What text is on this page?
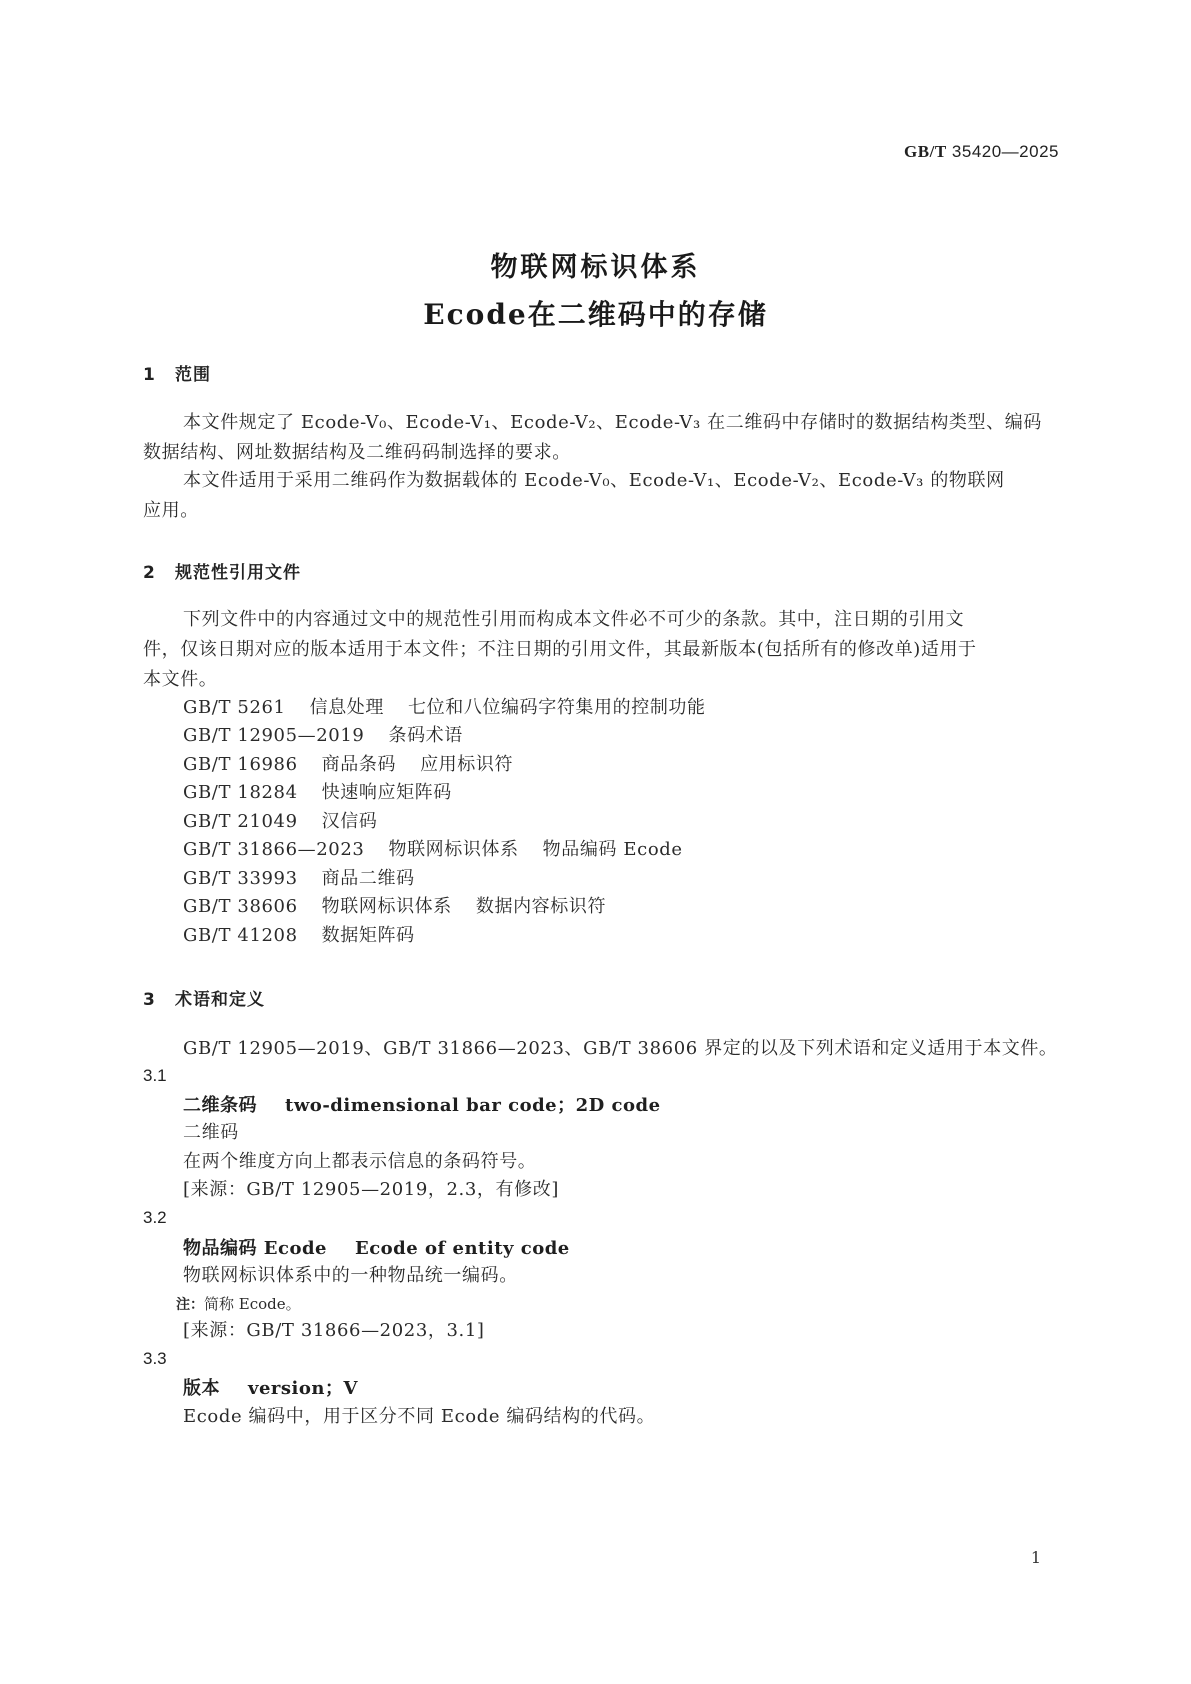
GB/T 35420—2025
物联网标识体系
Ecode在二维码中的存储
1 范围
本文件规定了 Ecode-V₀、Ecode-V₁、Ecode-V₂、Ecode-V₃ 在二维码中存储时的数据结构类型、编码
数据结构、网址数据结构及二维码码制选择的要求。
本文件适用于采用二维码作为数据载体的 Ecode-V₀、Ecode-V₁、Ecode-V₂、Ecode-V₃ 的物联网
应用。
2 规范性引用文件
下列文件中的内容通过文中的规范性引用而构成本文件必不可少的条款。其中，注日期的引用文
件，仅该日期对应的版本适用于本文件；不注日期的引用文件，其最新版本(包括所有的修改单)适用于
本文件。
GB/T 5261 信息处理 七位和八位编码字符集用的控制功能
GB/T 12905—2019 条码术语
GB/T 16986 商品条码 应用标识符
GB/T 18284 快速响应矩阵码
GB/T 21049 汉信码
GB/T 31866—2023 物联网标识体系 物品编码 Ecode
GB/T 33993 商品二维码
GB/T 38606 物联网标识体系 数据内容标识符
GB/T 41208 数据矩阵码
3 术语和定义
GB/T 12905—2019、GB/T 31866—2023、GB/T 38606 界定的以及下列术语和定义适用于本文件。
3.1
二维条码 two-dimensional bar code；2D code
二维码
在两个维度方向上都表示信息的条码符号。
[来源：GB/T 12905—2019，2.3，有修改]
3.2
物品编码 Ecode Ecode of entity code
物联网标识体系中的一种物品统一编码。
注：简称 Ecode。
[来源：GB/T 31866—2023，3.1]
3.3
版本 version；V
Ecode 编码中，用于区分不同 Ecode 编码结构的代码。
1
